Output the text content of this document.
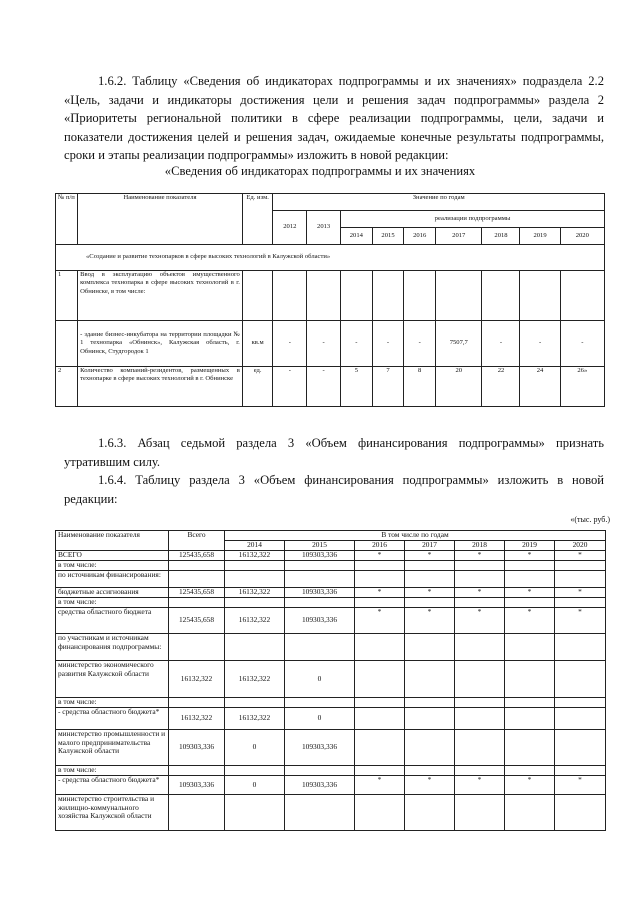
1.6.2. Таблицу «Сведения об индикаторах подпрограммы и их значениях» подраздела 2.2 «Цель, задачи и индикаторы достижения цели и решения задач подпрограммы» раздела 2 «Приоритеты региональной политики в сфере реализации подпрограммы, цели, задачи и показатели достижения целей и решения задач, ожидаемые конечные результаты подпрограммы, сроки и этапы реализации подпрограммы» изложить в новой редакции:
«Сведения об индикаторах подпрограммы и их значениях
№ п/п	Наименование показателя	Ед. изм.	Значение по годам								
			2012	2013	реализации подпрограммы						
					2014	2015	2016	2017	2018	2019	2020
«Создание и развитие технопарков в сфере высоких технологий в Калужской области»											
1	Ввод в эксплуатацию объектов имущественного комплекса технопарка в сфере высоких технологий в г. Обнинске, в том числе:										
	- здание бизнес-инкубатора на территории площадки № 1 технопарка «Обнинск», Калужская область, г. Обнинск, Студгородок 1	кв.м	-	-	-	-	-	7507,7	-	-	-
2	Количество компаний-резидентов, размещенных в технопарке в сфере высоких технологий в г. Обнинске	ед.	-	-	5	7	8	20	22	24	26»
1.6.3. Абзац седьмой раздела 3 «Объем финансирования подпрограммы» признать утратившим силу.
1.6.4. Таблицу раздела 3 «Объем финансирования подпрограммы» изложить в новой редакции:
«(тыс. руб.)
Наименование показателя	Всего	В том числе по годам						
		2014	2015	2016	2017	2018	2019	2020
ВСЕГО	125435,658	16132,322	109303,336	*	*	*	*	*
в том числе:								
по источникам финансирования:								
бюджетные ассигнования	125435,658	16132,322	109303,336	*	*	*	*	*
в том числе:								
средства областного бюджета	125435,658	16132,322	109303,336	*	*	*	*	*
по участникам и источникам финансирования подпрограммы:								
министерство экономического развития Калужской области	16132,322	16132,322	0					
в том числе:								
- средства областного бюджета*	16132,322	16132,322	0					
министерство промышленности и малого предпринимательства Калужской области	109303,336	0	109303,336					
в том числе:								
- средства областного бюджета*	109303,336	0	109303,336	*	*	*	*	*
министерство строительства и жилищно-коммунального хозяйства Калужской области								
